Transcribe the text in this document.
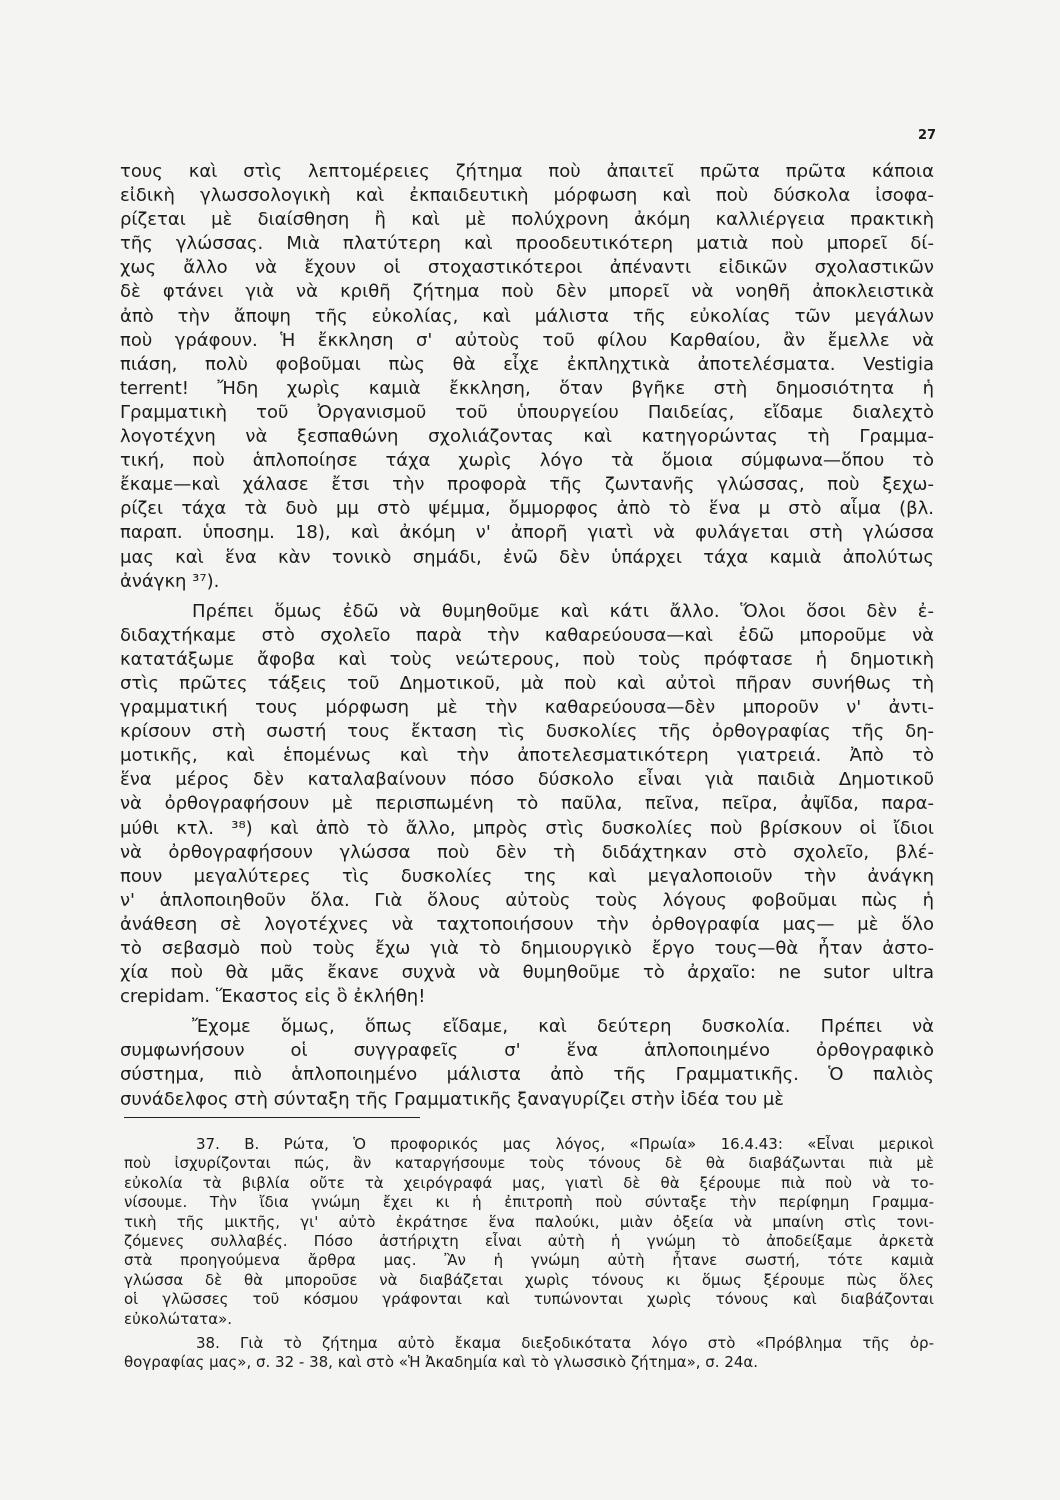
27
τους καὶ στὶς λεπτομέρειες ζήτημα ποὺ ἀπαιτεῖ πρῶτα πρῶτα κάποια
εἰδικὴ γλωσσολογικὴ καὶ ἐκπαιδευτικὴ μόρφωση καὶ ποὺ δύσκολα ἰσοφα-
ρίζεται μὲ διαίσθηση ἢ καὶ μὲ πολύχρονη ἀκόμη καλλιέργεια πρακτικὴ
τῆς γλώσσας. Μιὰ πλατύτερη καὶ προοδευτικότερη ματιὰ ποὺ μπορεῖ δί-
χως ἄλλο νὰ ἔχουν οἱ στοχαστικότεροι ἀπέναντι εἰδικῶν σχολαστικῶν
δὲ φτάνει γιὰ νὰ κριθῆ ζήτημα ποὺ δὲν μπορεῖ νὰ νοηθῆ ἀποκλειστικὰ
ἀπὸ τὴν ἄποψη τῆς εὐκολίας, καὶ μάλιστα τῆς εὐκολίας τῶν μεγάλων
ποὺ γράφουν. Ἡ ἔκκληση σ' αὐτοὺς τοῦ φίλου Καρθαίου, ἂν ἔμελλε νὰ
πιάση, πολὺ φοβοῦμαι πὼς θὰ εἶχε ἐκπληχτικὰ ἀποτελέσματα. Vestigia
terrent! Ἤδη χωρὶς καμιὰ ἔκκληση, ὅταν βγῆκε στὴ δημοσιότητα ἡ
Γραμματικὴ τοῦ Ὀργανισμοῦ τοῦ ὑπουργείου Παιδείας, εἴδαμε διαλεχτὸ
λογοτέχνη νὰ ξεσπαθώνη σχολιάζοντας καὶ κατηγορώντας τὴ Γραμμα-
τική, ποὺ ἁπλοποίησε τάχα χωρὶς λόγο τὰ ὅμοια σύμφωνα—ὅπου τὸ
ἔκαμε—καὶ χάλασε ἔτσι τὴν προφορὰ τῆς ζωντανῆς γλώσσας, ποὺ ξεχω-
ρίζει τάχα τὰ δυὸ μμ στὸ ψέμμα, ὄμμορφος ἀπὸ τὸ ἕνα μ στὸ αἷμα (βλ.
παραπ. ὑποσημ. 18), καὶ ἀκόμη ν' ἀπορῆ γιατὶ νὰ φυλάγεται στὴ γλώσσα
μας καὶ ἕνα κὰν τονικὸ σημάδι, ἐνῶ δὲν ὑπάρχει τάχα καμιὰ ἀπολύτως
ἀνάγκη ³⁷).
Πρέπει ὅμως ἐδῶ νὰ θυμηθοῦμε καὶ κάτι ἄλλο. Ὅλοι ὅσοι δὲν ἐ-
διδαχτήκαμε στὸ σχολεῖο παρὰ τὴν καθαρεύουσα—καὶ ἐδῶ μποροῦμε νὰ
κατατάξωμε ἄφοβα καὶ τοὺς νεώτερους, ποὺ τοὺς πρόφτασε ἡ δημοτικὴ
στὶς πρῶτες τάξεις τοῦ Δημοτικοῦ, μὰ ποὺ καὶ αὐτοὶ πῆραν συνήθως τὴ
γραμματική τους μόρφωση μὲ τὴν καθαρεύουσα—δὲν μποροῦν ν' ἀντι-
κρίσουν στὴ σωστή τους ἔκταση τὶς δυσκολίες τῆς ὀρθογραφίας τῆς δη-
μοτικῆς, καὶ ἑπομένως καὶ τὴν ἀποτελεσματικότερη γιατρειά. Ἀπὸ τὸ
ἕνα μέρος δὲν καταλαβαίνουν πόσο δύσκολο εἶναι γιὰ παιδιὰ Δημοτικοῦ
νὰ ὀρθογραφήσουν μὲ περισπωμένη τὸ παῦλα, πεῖνα, πεῖρα, ἀψῖδα, παρα-
μύθι κτλ. ³⁸) καὶ ἀπὸ τὸ ἄλλο, μπρὸς στὶς δυσκολίες ποὺ βρίσκουν οἱ ἴδιοι
νὰ ὀρθογραφήσουν γλώσσα ποὺ δὲν τὴ διδάχτηκαν στὸ σχολεῖο, βλέ-
πουν μεγαλύτερες τὶς δυσκολίες της καὶ μεγαλοποιοῦν τὴν ἀνάγκη
ν' ἁπλοποιηθοῦν ὅλα. Γιὰ ὅλους αὐτοὺς τοὺς λόγους φοβοῦμαι πὼς ἡ
ἀνάθεση σὲ λογοτέχνες νὰ ταχτοποιήσουν τὴν ὀρθογραφία μας— μὲ ὅλο
τὸ σεβασμὸ ποὺ τοὺς ἔχω γιὰ τὸ δημιουργικὸ ἔργο τους—θὰ ἦταν ἀστο-
χία ποὺ θὰ μᾶς ἔκανε συχνὰ νὰ θυμηθοῦμε τὸ ἀρχαῖο: ne sutor ultra
crepidam. Ἕκαστος εἰς ὃ ἐκλήθη!
Ἔχομε ὅμως, ὅπως εἴδαμε, καὶ δεύτερη δυσκολία. Πρέπει νὰ
συμφωνήσουν οἱ συγγραφεῖς σ' ἕνα ἁπλοποιημένο ὀρθογραφικὸ
σύστημα, πιὸ ἁπλοποιημένο μάλιστα ἀπὸ τῆς Γραμματικῆς. Ὁ παλιὸς
συνάδελφος στὴ σύνταξη τῆς Γραμματικῆς ξαναγυρίζει στὴν ἰδέα του μὲ
37. Β. Ρώτα, Ὁ προφορικός μας λόγος, «Πρωία» 16.4.43: «Εἶναι μερικοὶ
ποὺ ἰσχυρίζονται πώς, ἂν καταργήσουμε τοὺς τόνους δὲ θὰ διαβάζωνται πιὰ μὲ
εὐκολία τὰ βιβλία οὔτε τὰ χειρόγραφά μας, γιατὶ δὲ θὰ ξέρουμε πιὰ ποὺ νὰ το-
νίσουμε. Τὴν ἴδια γνώμη ἔχει κι ἡ ἐπιτροπὴ ποὺ σύνταξε τὴν περίφημη Γραμμα-
τικὴ τῆς μικτῆς, γι' αὐτὸ ἐκράτησε ἕνα παλούκι, μιὰν ὀξεία νὰ μπαίνη στὶς τονι-
ζόμενες συλλαβές. Πόσο ἀστήριχτη εἶναι αὐτὴ ἡ γνώμη τὸ ἀποδείξαμε ἀρκετὰ
στὰ προηγούμενα ἄρθρα μας. Ἂν ἡ γνώμη αὐτὴ ἦτανε σωστή, τότε καμιὰ
γλώσσα δὲ θὰ μποροῦσε νὰ διαβάζεται χωρὶς τόνους κι ὅμως ξέρουμε πὼς ὅλες
οἱ γλῶσσες τοῦ κόσμου γράφονται καὶ τυπώνονται χωρὶς τόνους καὶ διαβάζονται
εὐκολώτατα».
38. Γιὰ τὸ ζήτημα αὐτὸ ἔκαμα διεξοδικότατα λόγο στὸ «Πρόβλημα τῆς ὀρ-
θογραφίας μας», σ. 32 - 38, καὶ στὸ «Ἡ Ἀκαδημία καὶ τὸ γλωσσικὸ ζήτημα», σ. 24α.
